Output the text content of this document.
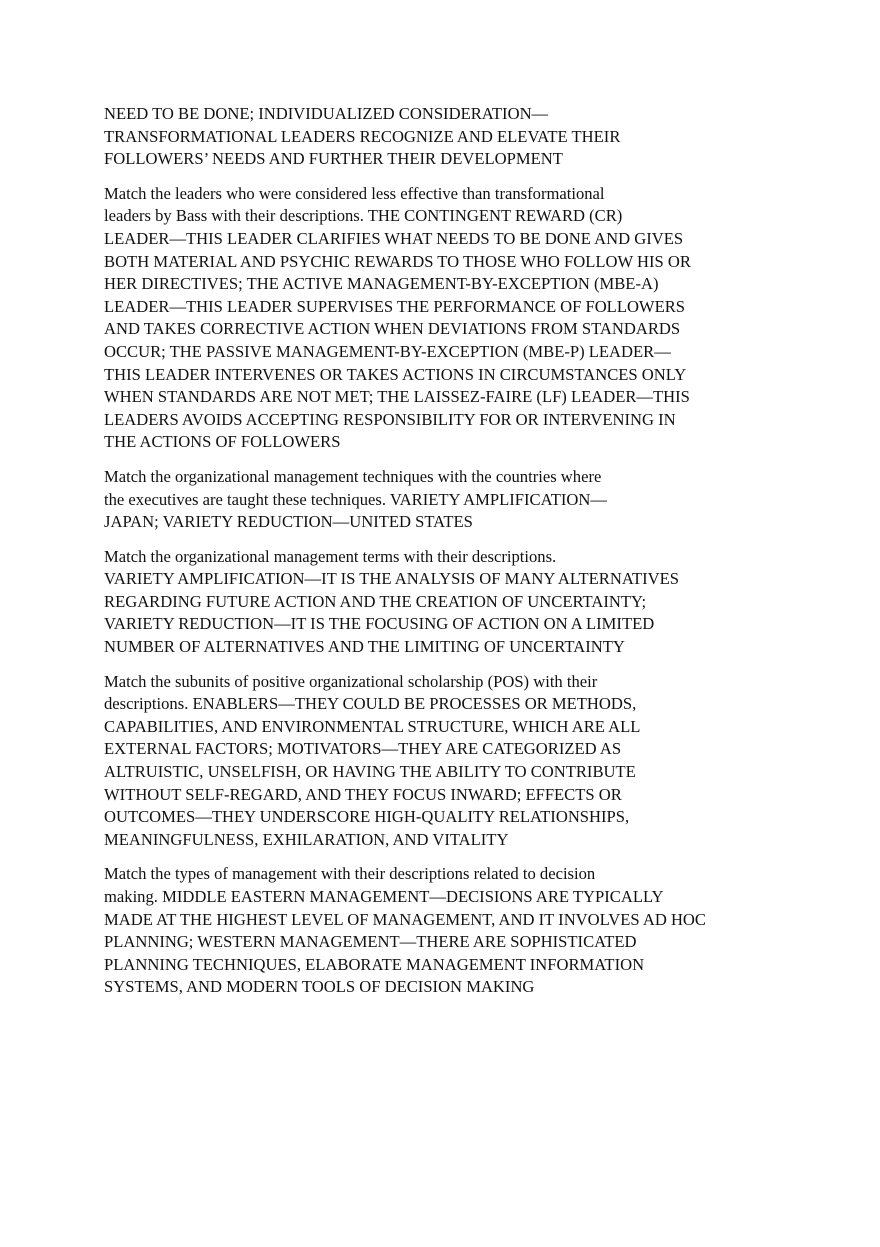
NEED TO BE DONE; INDIVIDUALIZED CONSIDERATION—
TRANSFORMATIONAL LEADERS RECOGNIZE AND ELEVATE THEIR
FOLLOWERS’ NEEDS AND FURTHER THEIR DEVELOPMENT

Match the leaders who were considered less effective than transformational
leaders by Bass with their descriptions. THE CONTINGENT REWARD (CR)
LEADER—THIS LEADER CLARIFIES WHAT NEEDS TO BE DONE AND GIVES
BOTH MATERIAL AND PSYCHIC REWARDS TO THOSE WHO FOLLOW HIS OR
HER DIRECTIVES; THE ACTIVE MANAGEMENT-BY-EXCEPTION (MBE-A)
LEADER—THIS LEADER SUPERVISES THE PERFORMANCE OF FOLLOWERS
AND TAKES CORRECTIVE ACTION WHEN DEVIATIONS FROM STANDARDS
OCCUR; THE PASSIVE MANAGEMENT-BY-EXCEPTION (MBE-P) LEADER—
THIS LEADER INTERVENES OR TAKES ACTIONS IN CIRCUMSTANCES ONLY
WHEN STANDARDS ARE NOT MET; THE LAISSEZ-FAIRE (LF) LEADER—THIS
LEADERS AVOIDS ACCEPTING RESPONSIBILITY FOR OR INTERVENING IN
THE ACTIONS OF FOLLOWERS

Match the organizational management techniques with the countries where
the executives are taught these techniques. VARIETY AMPLIFICATION—
JAPAN; VARIETY REDUCTION—UNITED STATES

Match the organizational management terms with their descriptions.
VARIETY AMPLIFICATION—IT IS THE ANALYSIS OF MANY ALTERNATIVES
REGARDING FUTURE ACTION AND THE CREATION OF UNCERTAINTY;
VARIETY REDUCTION—IT IS THE FOCUSING OF ACTION ON A LIMITED
NUMBER OF ALTERNATIVES AND THE LIMITING OF UNCERTAINTY

Match the subunits of positive organizational scholarship (POS) with their
descriptions. ENABLERS—THEY COULD BE PROCESSES OR METHODS,
CAPABILITIES, AND ENVIRONMENTAL STRUCTURE, WHICH ARE ALL
EXTERNAL FACTORS; MOTIVATORS—THEY ARE CATEGORIZED AS
ALTRUISTIC, UNSELFISH, OR HAVING THE ABILITY TO CONTRIBUTE
WITHOUT SELF-REGARD, AND THEY FOCUS INWARD; EFFECTS OR
OUTCOMES—THEY UNDERSCORE HIGH-QUALITY RELATIONSHIPS,
MEANINGFULNESS, EXHILARATION, AND VITALITY

Match the types of management with their descriptions related to decision
making. MIDDLE EASTERN MANAGEMENT—DECISIONS ARE TYPICALLY
MADE AT THE HIGHEST LEVEL OF MANAGEMENT, AND IT INVOLVES AD HOC
PLANNING; WESTERN MANAGEMENT—THERE ARE SOPHISTICATED
PLANNING TECHNIQUES, ELABORATE MANAGEMENT INFORMATION
SYSTEMS, AND MODERN TOOLS OF DECISION MAKING
